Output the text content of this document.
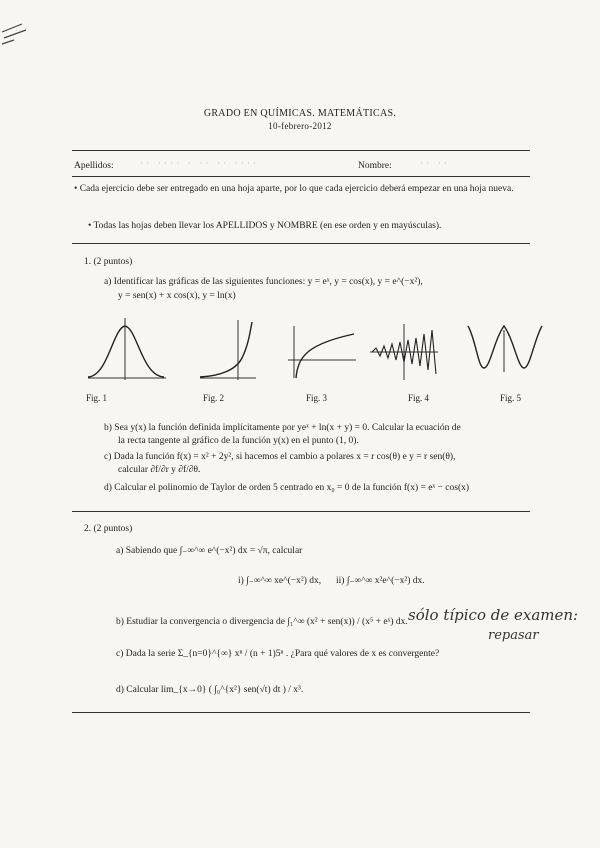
GRADO EN QUÍMICAS. MATEMÁTICAS.
10-febrero-2012
Apellidos:	·· ···· · ·· ·· ····	Nombre:	·· ··
• Cada ejercicio debe ser entregado en una hoja aparte, por lo que cada ejercicio deberá empezar en una hoja nueva.
• Todas las hojas deben llevar los APELLIDOS y NOMBRE (en ese orden y en mayúsculas).
1. (2 puntos)
a) Identificar las gráficas de las siguientes funciones: y = eˣ, y = cos(x), y = e^(−x²),
y = sen(x) + x cos(x), y = ln(x)
Fig. 1	Fig. 2	Fig. 3	Fig. 4	Fig. 5
b) Sea y(x) la función definida implícitamente por yeˣ + ln(x + y) = 0. Calcular la ecuación de
la recta tangente al gráfico de la función y(x) en el punto (1, 0).
c) Dada la función f(x) = x² + 2y², si hacemos el cambio a polares x = r cos(θ) e y = r sen(θ),
calcular ∂f/∂r y ∂f/∂θ.
d) Calcular el polinomio de Taylor de orden 5 centrado en x₀ = 0 de la función f(x) = eˣ − cos(x)
2. (2 puntos)
a) Sabiendo que ∫₋∞^∞ e^(−x²) dx = √π, calcular
i) ∫₋∞^∞ xe^(−x²) dx, ii) ∫₋∞^∞ x²e^(−x²) dx.
b) Estudiar la convergencia o divergencia de ∫₁^∞ (x² + sen(x)) / (x⁵ + eˣ) dx.
c) Dada la serie Σ_{n=0}^{∞} xⁿ / (n + 1)5ⁿ . ¿Para qué valores de x es convergente?
d) Calcular lim_{x→0} ( ∫₀^{x²} sen(√t) dt ) / x³.
sólo típico de examen:
repasar
